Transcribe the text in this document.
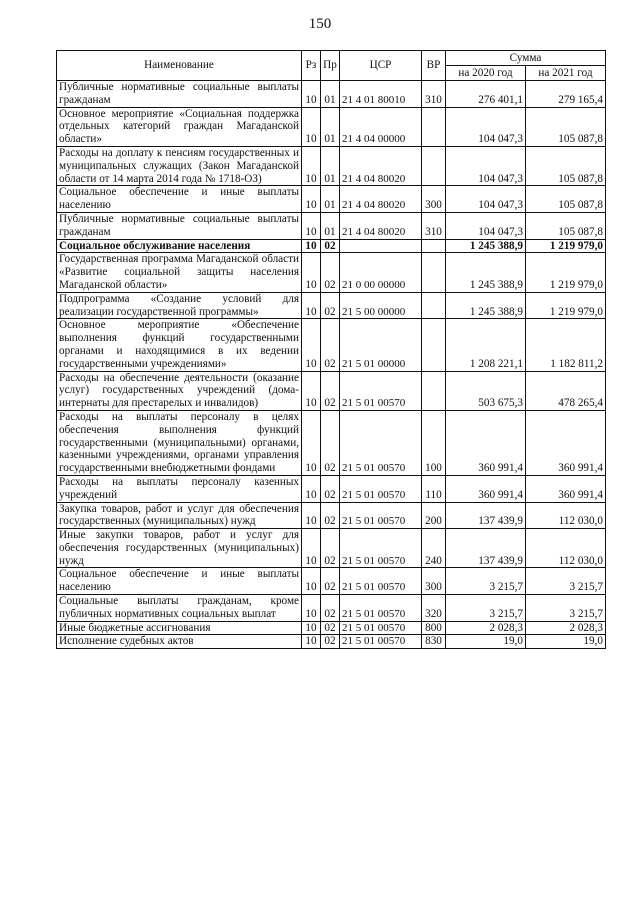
150
Наименование	Рз	Пр	ЦСР	ВР	Сумма	
					на 2020 год	на 2021 год
Публичные нормативные социальные выплаты гражданам	10	01	21 4 01 80010	310	276 401,1	279 165,4
Основное мероприятие «Социальная поддержка отдельных категорий граждан Магаданской области»	10	01	21 4 04 00000		104 047,3	105 087,8
Расходы на доплату к пенсиям государственных и муниципальных служащих (Закон Магаданской области от 14 марта 2014 года № 1718-ОЗ)	10	01	21 4 04 80020		104 047,3	105 087,8
Социальное обеспечение и иные выплаты населению	10	01	21 4 04 80020	300	104 047,3	105 087,8
Публичные нормативные социальные выплаты гражданам	10	01	21 4 04 80020	310	104 047,3	105 087,8
Социальное обслуживание населения	10	02			1 245 388,9	1 219 979,0
Государственная программа Магаданской области «Развитие социальной защиты населения Магаданской области»	10	02	21 0 00 00000		1 245 388,9	1 219 979,0
Подпрограмма «Создание условий для реализации государственной программы»	10	02	21 5 00 00000		1 245 388,9	1 219 979,0
Основное мероприятие «Обеспечение выполнения функций государственными органами и находящимися в их ведении государственными учреждениями»	10	02	21 5 01 00000		1 208 221,1	1 182 811,2
Расходы на обеспечение деятельности (оказание услуг) государственных учреждений (дома-интернаты для престарелых и инвалидов)	10	02	21 5 01 00570		503 675,3	478 265,4
Расходы на выплаты персоналу в целях обеспечения выполнения функций государственными (муниципальными) органами, казенными учреждениями, органами управления государственными внебюджетными фондами	10	02	21 5 01 00570	100	360 991,4	360 991,4
Расходы на выплаты персоналу казенных учреждений	10	02	21 5 01 00570	110	360 991,4	360 991,4
Закупка товаров, работ и услуг для обеспечения государственных (муниципальных) нужд	10	02	21 5 01 00570	200	137 439,9	112 030,0
Иные закупки товаров, работ и услуг для обеспечения государственных (муниципальных) нужд	10	02	21 5 01 00570	240	137 439,9	112 030,0
Социальное обеспечение и иные выплаты населению	10	02	21 5 01 00570	300	3 215,7	3 215,7
Социальные выплаты гражданам, кроме публичных нормативных социальных выплат	10	02	21 5 01 00570	320	3 215,7	3 215,7
Иные бюджетные ассигнования	10	02	21 5 01 00570	800	2 028,3	2 028,3
Исполнение судебных актов	10	02	21 5 01 00570	830	19,0	19,0
